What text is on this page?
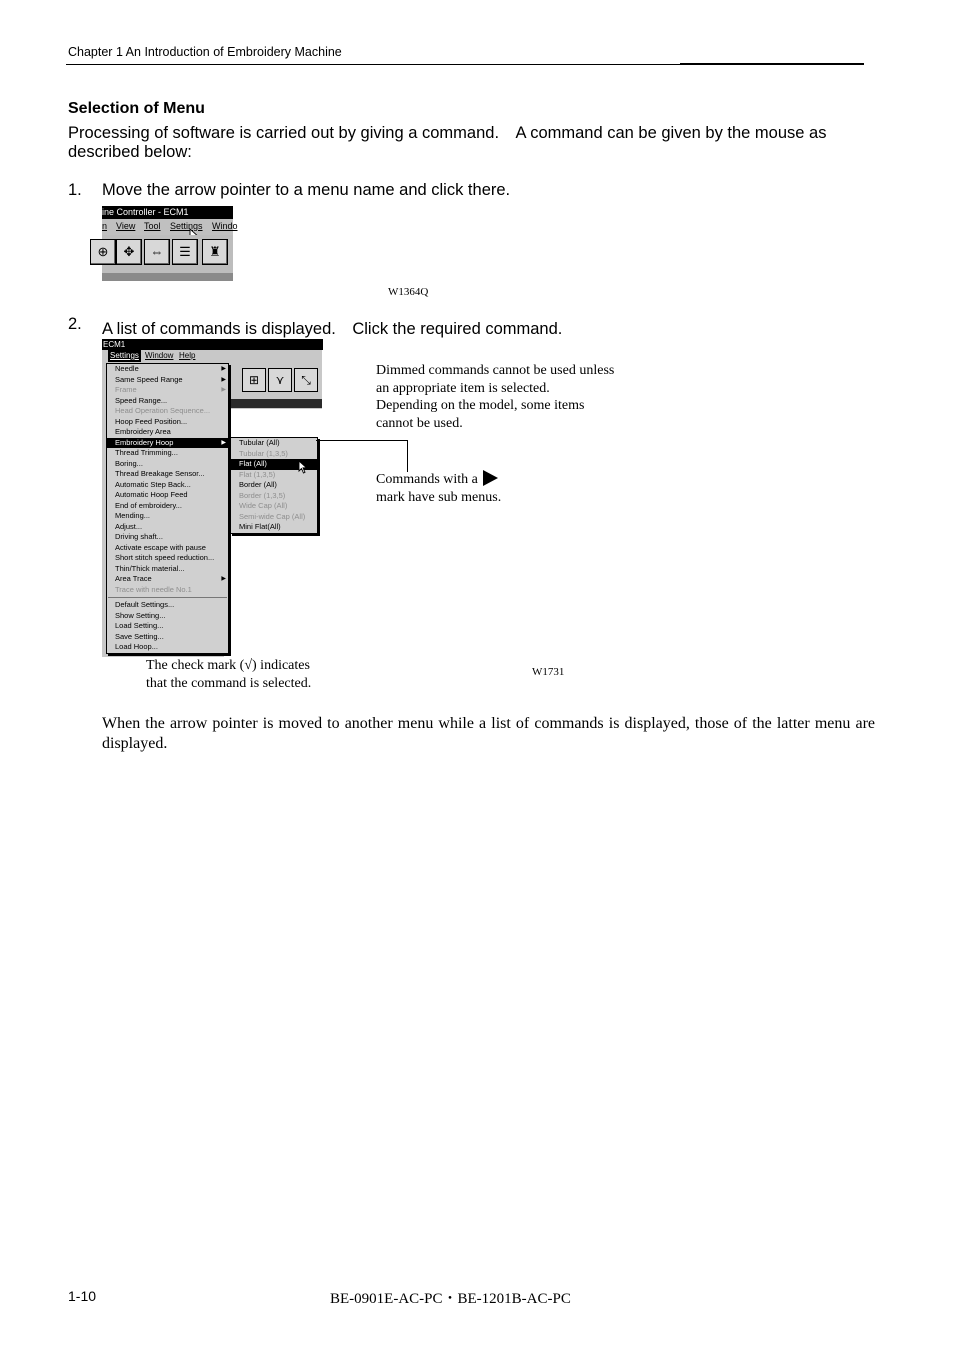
Chapter 1 An Introduction of Embroidery Machine
Selection of Menu
Processing of software is carried out by giving a command.　A command can be given by the mouse as described below:
1. Move the arrow pointer to a menu name and click there.
ine Controller - ECM1
n View Tool Settings Windo
⊕	✥	⇔	☰	♜
W1364Q
2. A list of commands is displayed.　Click the required command.
ECM1
Settings Window Help
⊞	⋎	⤡
Needle	▶
Same Speed Range	▶
Frame	▶
Speed Range...
Head Operation Sequence...
Hoop Feed Position...
Embroidery Area
Embroidery Hoop	▶
Thread Trimming...
Boring...
Thread Breakage Sensor...
Automatic Step Back...
Automatic Hoop Feed
End of embroidery...
Mending...
Adjust...
Driving shaft...
Activate escape with pause
Short stitch speed reduction...
Thin/Thick material...
Area Trace	▶
Trace with needle No.1
Default Settings...
Show Setting...
Load Setting...
Save Setting...
Load Hoop...
Tubular (All)
Tubular (1,3,5)
Flat (All)
Flat (1,3,5)
Border (All)
Border (1,3,5)
Wide Cap (All)
Semi-wide Cap (All)
Mini Flat(All)
Dimmed commands cannot be used unless
an appropriate item is selected.
Depending on the model, some items
cannot be used.
Commands with a
mark have sub menus.
The check mark (√) indicates
that the command is selected.
W1731
When the arrow pointer is moved to another menu while a list of commands is displayed, those of the latter menu are displayed.
1-10	BE-0901E-AC-PC・BE-1201B-AC-PC
